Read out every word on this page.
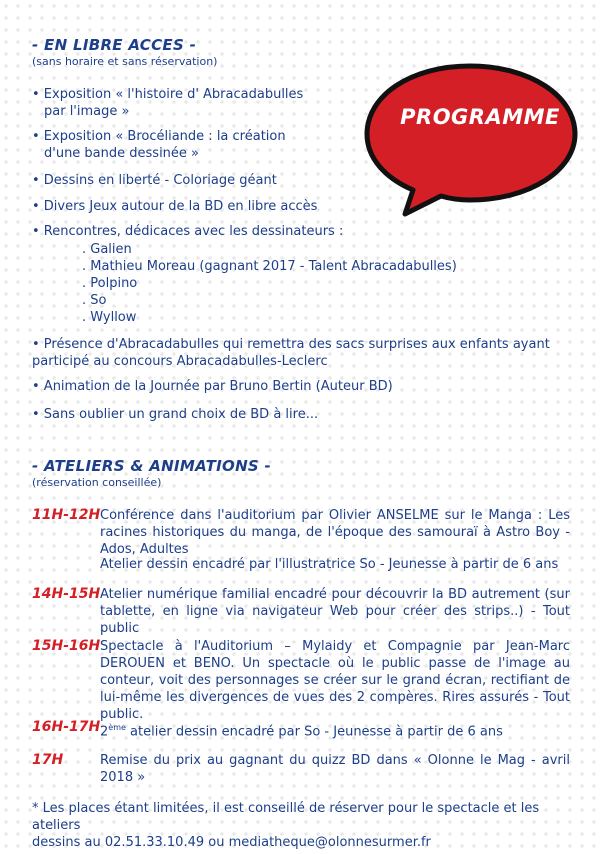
PROGRAMME
- EN LIBRE ACCES -
(sans horaire et sans réservation)
• Exposition « l'histoire d' Abracadabulles
par l'image »
• Exposition « Brocéliande : la création
d'une bande dessinée »
• Dessins en liberté - Coloriage géant
• Divers Jeux autour de la BD en libre accès
• Rencontres, dédicaces avec les dessinateurs :
. Galien
. Mathieu Moreau (gagnant 2017 - Talent Abracadabulles)
. Polpino
. So
. Wyllow
• Présence d'Abracadabulles qui remettra des sacs surprises aux enfants ayant
participé au concours Abracadabulles-Leclerc
• Animation de la Journée par Bruno Bertin (Auteur BD)
• Sans oublier un grand choix de BD à lire...
- ATELIERS & ANIMATIONS -
(réservation conseillée)
11H-12H Conférence dans l'auditorium par Olivier ANSELME sur le Manga : Les racines historiques du manga, de l'époque des samouraï à Astro Boy - Ados, Adultes
Atelier dessin encadré par l'illustratrice So - Jeunesse à partir de 6 ans
14H-15H Atelier numérique familial encadré pour découvrir la BD autrement (sur tablette, en ligne via navigateur Web pour créer des strips..) - Tout public
15H-16H Spectacle à l'Auditorium – Mylaidy et Compagnie par Jean-Marc DEROUEN et BENO. Un spectacle où le public passe de l'image au conteur, voit des personnages se créer sur le grand écran, rectifiant de lui-même les divergences de vues des 2 compères. Rires assurés - Tout public.
16H-17H 2ème atelier dessin encadré par So - Jeunesse à partir de 6 ans
17H	Remise du prix au gagnant du quizz BD dans « Olonne le Mag - avril 2018 »
* Les places étant limitées, il est conseillé de réserver pour le spectacle et les ateliers
dessins au 02.51.33.10.49 ou mediatheque@olonnesurmer.fr
